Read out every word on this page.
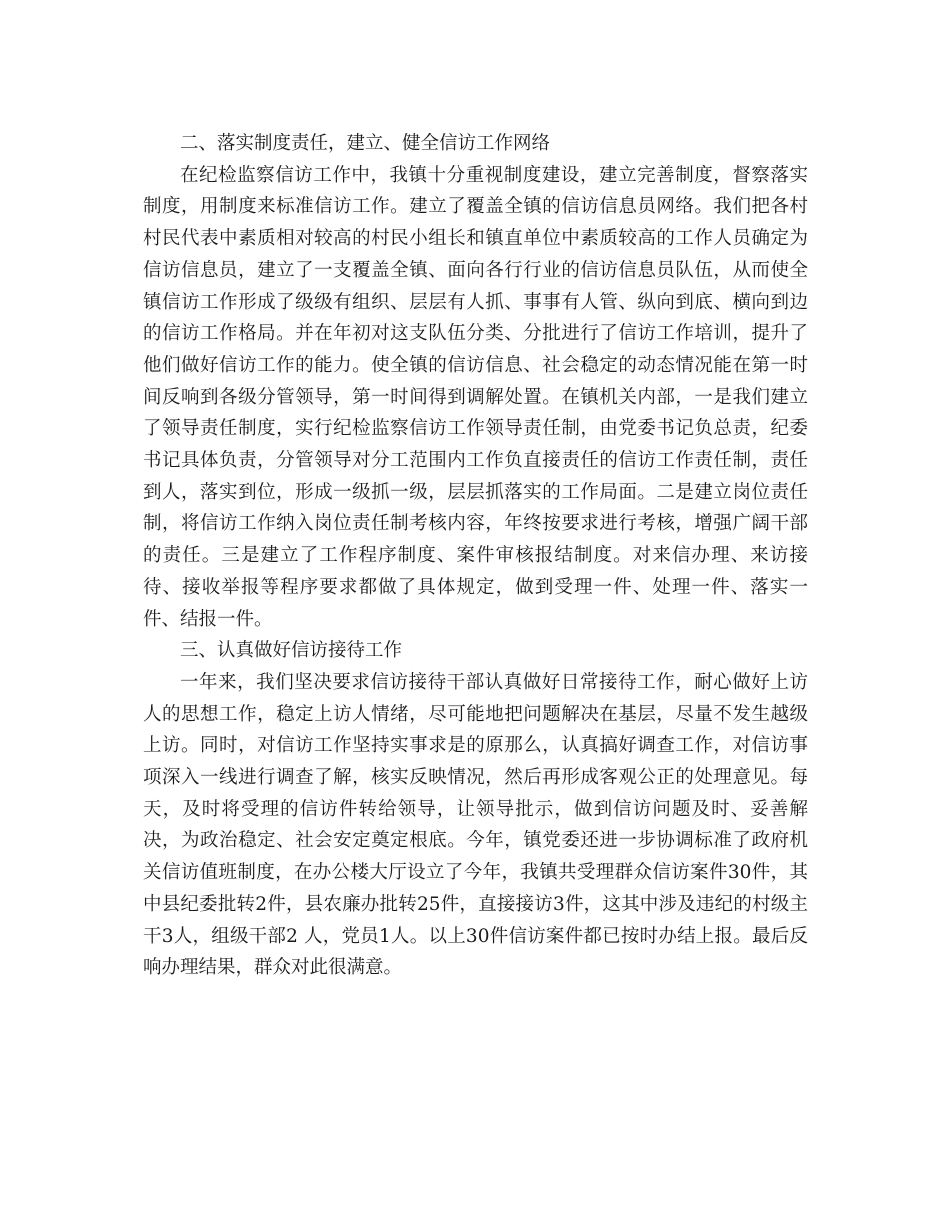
二、落实制度责任，建立、健全信访工作网络

在纪检监察信访工作中，我镇十分重视制度建设，建立完善制度，督察落实制度，用制度来标准信访工作。建立了覆盖全镇的信访信息员网络。我们把各村村民代表中素质相对较高的村民小组长和镇直单位中素质较高的工作人员确定为信访信息员，建立了一支覆盖全镇、面向各行行业的信访信息员队伍，从而使全镇信访工作形成了级级有组织、层层有人抓、事事有人管、纵向到底、横向到边的信访工作格局。并在年初对这支队伍分类、分批进行了信访工作培训，提升了他们做好信访工作的能力。使全镇的信访信息、社会稳定的动态情况能在第一时间反响到各级分管领导，第一时间得到调解处置。在镇机关内部，一是我们建立了领导责任制度，实行纪检监察信访工作领导责任制，由党委书记负总责，纪委书记具体负责，分管领导对分工范围内工作负直接责任的信访工作责任制，责任到人，落实到位，形成一级抓一级，层层抓落实的工作局面。二是建立岗位责任制，将信访工作纳入岗位责任制考核内容，年终按要求进行考核，增强广阔干部的责任。三是建立了工作程序制度、案件审核报结制度。对来信办理、来访接待、接收举报等程序要求都做了具体规定，做到受理一件、处理一件、落实一件、结报一件。

三、认真做好信访接待工作

一年来，我们坚决要求信访接待干部认真做好日常接待工作，耐心做好上访人的思想工作，稳定上访人情绪，尽可能地把问题解决在基层，尽量不发生越级上访。同时，对信访工作坚持实事求是的原那么，认真搞好调查工作，对信访事项深入一线进行调查了解，核实反映情况，然后再形成客观公正的处理意见。每天，及时将受理的信访件转给领导，让领导批示，做到信访问题及时、妥善解决，为政治稳定、社会安定奠定根底。今年，镇党委还进一步协调标准了政府机关信访值班制度，在办公楼大厅设立了今年，我镇共受理群众信访案件30件，其中县纪委批转2件，县农廉办批转25件，直接接访3件，这其中涉及违纪的村级主干3人，组级干部2 人，党员1人。以上30件信访案件都已按时办结上报。最后反响办理结果，群众对此很满意。
